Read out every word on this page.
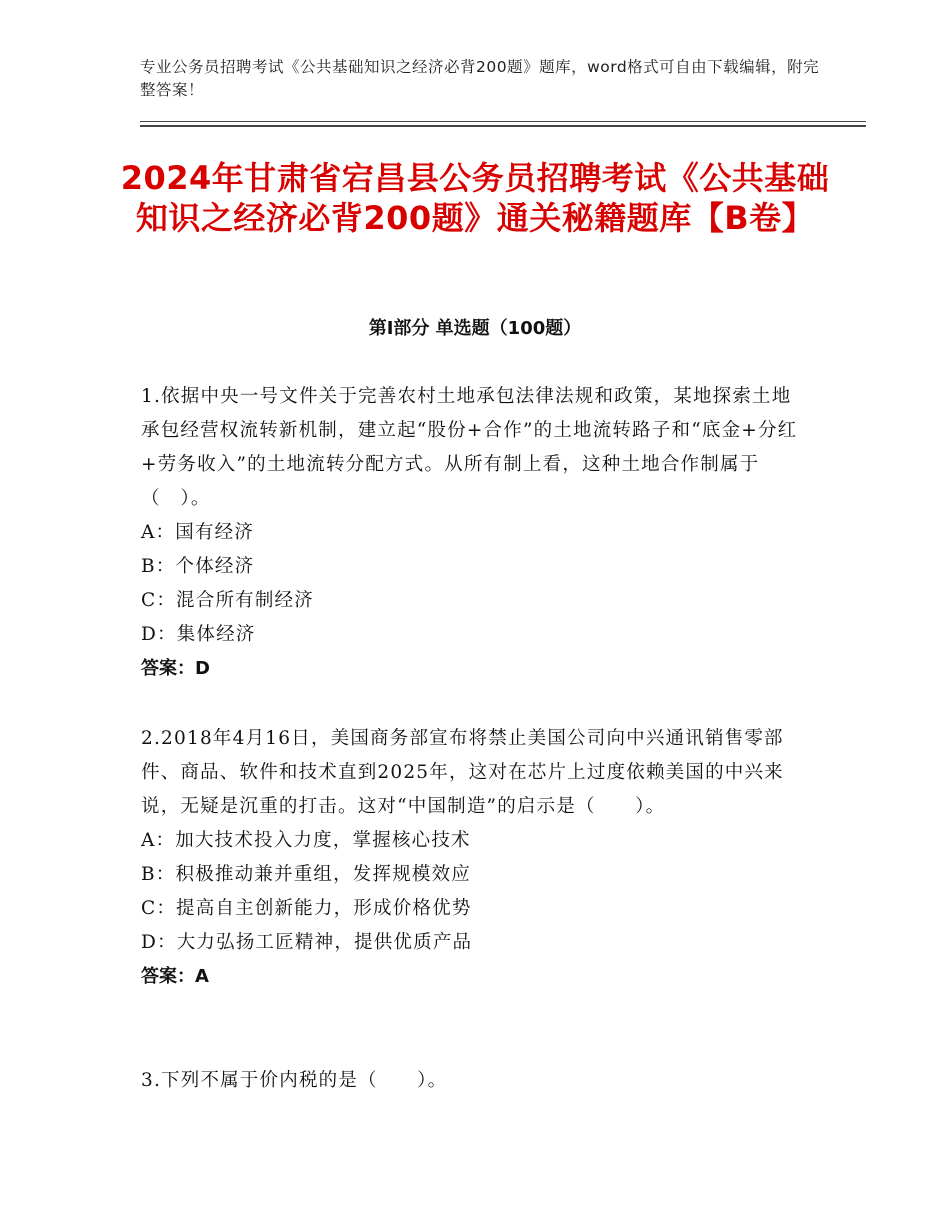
专业公务员招聘考试《公共基础知识之经济必背200题》题库，word格式可自由下载编辑，附完整答案！
2024年甘肃省宕昌县公务员招聘考试《公共基础知识之经济必背200题》通关秘籍题库【B卷】
第Ⅰ部分 单选题（100题）
1.依据中央一号文件关于完善农村土地承包法律法规和政策，某地探索土地承包经营权流转新机制，建立起“股份+合作”的土地流转路子和“底金+分红+劳务收入”的土地流转分配方式。从所有制上看，这种土地合作制属于（　）。
A：国有经济
B：个体经济
C：混合所有制经济
D：集体经济
答案：D
2.2018年4月16日，美国商务部宣布将禁止美国公司向中兴通讯销售零部件、商品、软件和技术直到2025年，这对在芯片上过度依赖美国的中兴来说，无疑是沉重的打击。这对“中国制造”的启示是（　　）。
A：加大技术投入力度，掌握核心技术
B：积极推动兼并重组，发挥规模效应
C：提高自主创新能力，形成价格优势
D：大力弘扬工匠精神，提供优质产品
答案：A
3.下列不属于价内税的是（　　）。
